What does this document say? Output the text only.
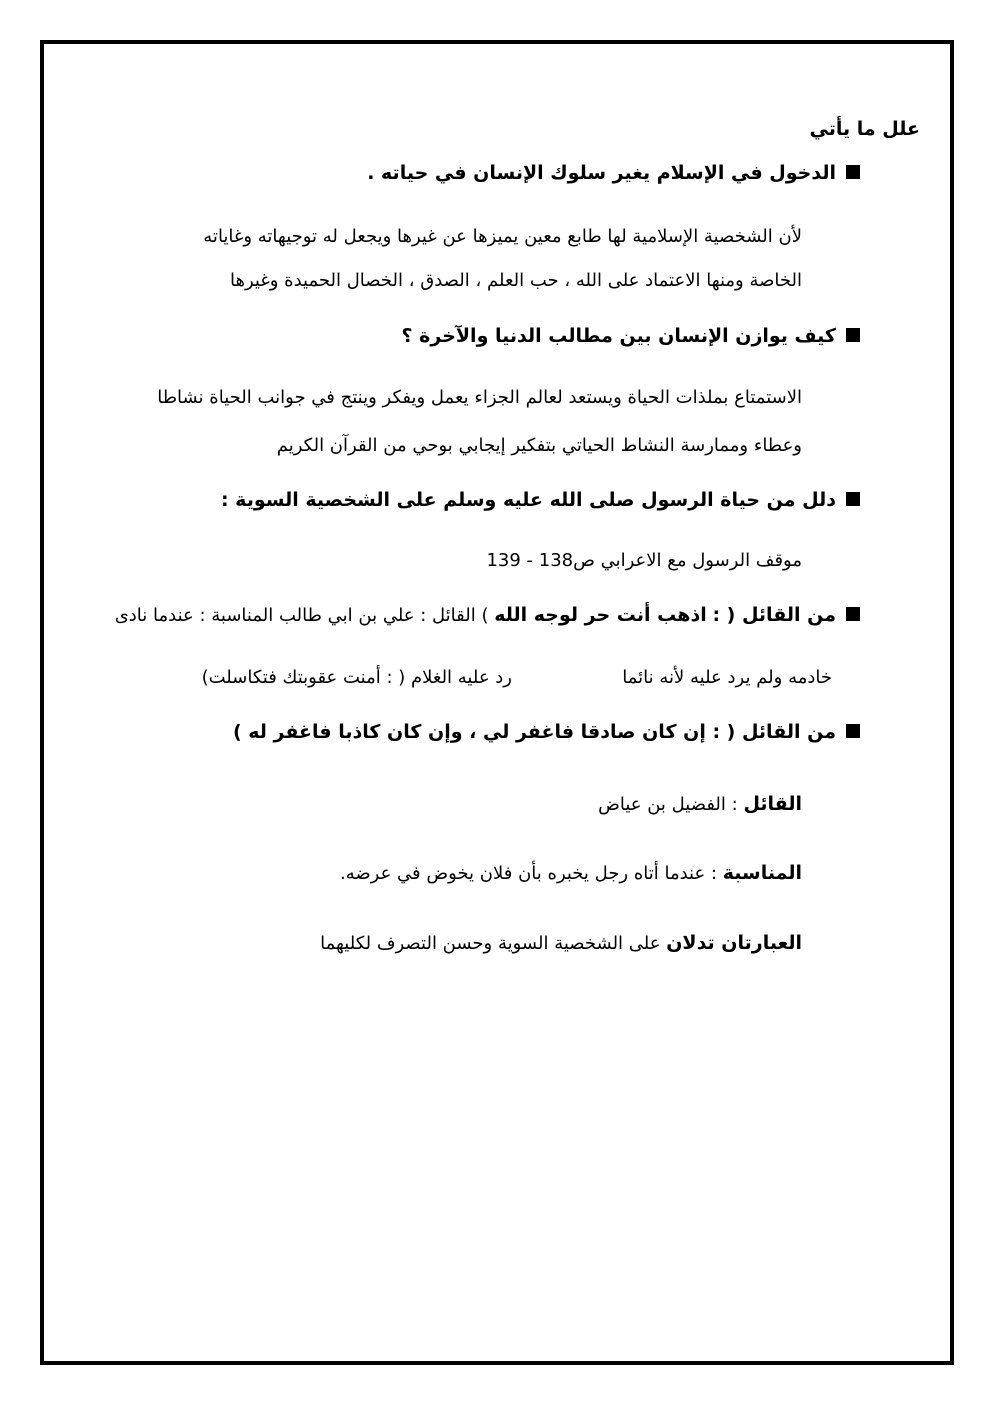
علل ما يأتي
الدخول في الإسلام يغير سلوك الإنسان في حياته .
لأن الشخصية الإسلامية لها طابع معين يميزها عن غيرها ويجعل له توجيهاته وغاياته
الخاصة ومنها الاعتماد على الله ، حب العلم ، الصدق ، الخصال الحميدة وغيرها
كيف يوازن الإنسان بين مطالب الدنيا والآخرة ؟
الاستمتاع بملذات الحياة ويستعد لعالم الجزاء يعمل ويفكر وينتج في جوانب الحياة نشاطا
وعطاء وممارسة النشاط الحياتي بتفكير إيجابي بوحي من القرآن الكريم
دلل من حياة الرسول صلى الله عليه وسلم على الشخصية السوية :
موقف الرسول مع الاعرابي ص138 - 139
من القائل ( : اذهب أنت حر لوجه الله ) القائل : علي بن ابي طالب المناسبة : عندما نادى
خادمه ولم يرد عليه لأنه نائما
رد عليه الغلام ( : أمنت عقوبتك فتكاسلت)
من القائل ( : إن كان صادقا فاغفر لي ، وإن كان كاذبا فاغفر له )
القائل : الفضيل بن عياض
المناسبة : عندما أتاه رجل يخبره بأن فلان يخوض في عرضه.
العبارتان تدلان على الشخصية السوية وحسن التصرف لكليهما
